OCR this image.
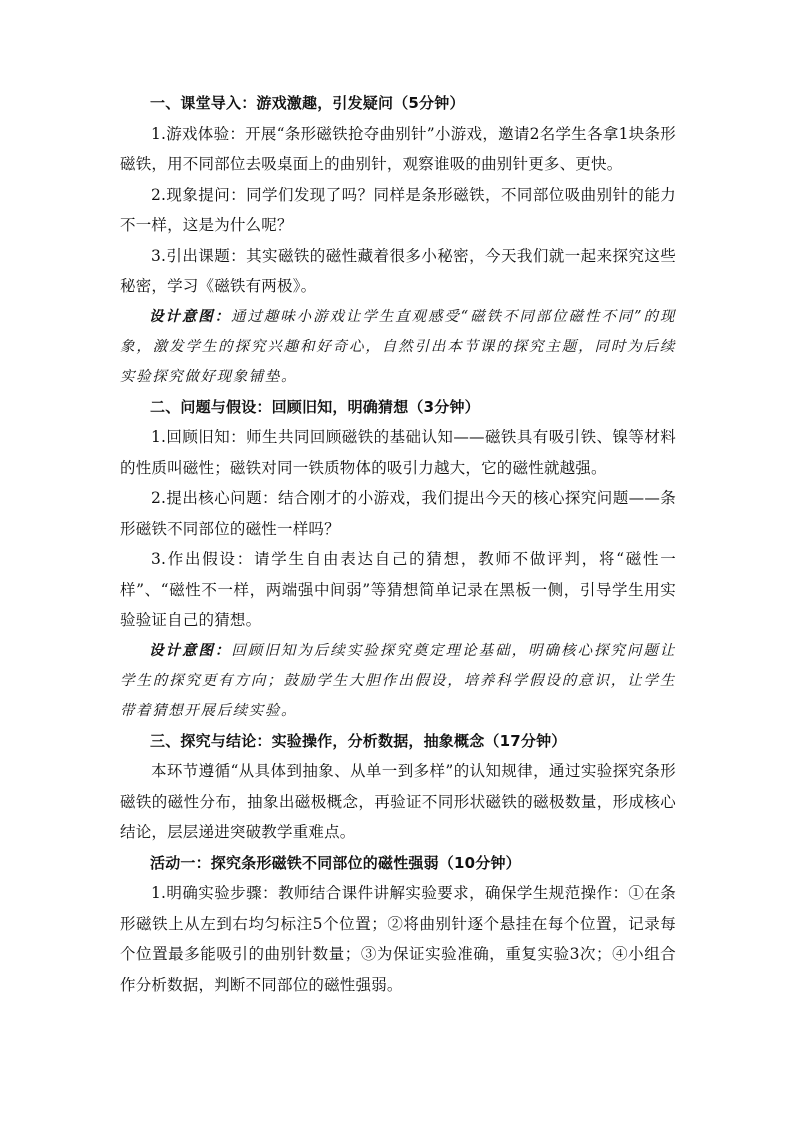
一、课堂导入：游戏激趣，引发疑问（5分钟）

1.游戏体验：开展“条形磁铁抢夺曲别针”小游戏，邀请2名学生各拿1块条形磁铁，用不同部位去吸桌面上的曲别针，观察谁吸的曲别针更多、更快。

2.现象提问：同学们发现了吗？同样是条形磁铁，不同部位吸曲别针的能力不一样，这是为什么呢？

3.引出课题：其实磁铁的磁性藏着很多小秘密，今天我们就一起来探究这些秘密，学习《磁铁有两极》。

设计意图：通过趣味小游戏让学生直观感受“磁铁不同部位磁性不同”的现象，激发学生的探究兴趣和好奇心，自然引出本节课的探究主题，同时为后续实验探究做好现象铺垫。

二、问题与假设：回顾旧知，明确猜想（3分钟）

1.回顾旧知：师生共同回顾磁铁的基础认知——磁铁具有吸引铁、镍等材料的性质叫磁性；磁铁对同一铁质物体的吸引力越大，它的磁性就越强。

2.提出核心问题：结合刚才的小游戏，我们提出今天的核心探究问题——条形磁铁不同部位的磁性一样吗？

3.作出假设：请学生自由表达自己的猜想，教师不做评判，将“磁性一样”、“磁性不一样，两端强中间弱”等猜想简单记录在黑板一侧，引导学生用实验验证自己的猜想。

设计意图：回顾旧知为后续实验探究奠定理论基础，明确核心探究问题让学生的探究更有方向；鼓励学生大胆作出假设，培养科学假设的意识，让学生带着猜想开展后续实验。

三、探究与结论：实验操作，分析数据，抽象概念（17分钟）

本环节遵循“从具体到抽象、从单一到多样”的认知规律，通过实验探究条形磁铁的磁性分布，抽象出磁极概念，再验证不同形状磁铁的磁极数量，形成核心结论，层层递进突破教学重难点。

活动一：探究条形磁铁不同部位的磁性强弱（10分钟）

1.明确实验步骤：教师结合课件讲解实验要求，确保学生规范操作：①在条形磁铁上从左到右均匀标注5个位置；②将曲别针逐个悬挂在每个位置，记录每个位置最多能吸引的曲别针数量；③为保证实验准确，重复实验3次；④小组合作分析数据，判断不同部位的磁性强弱。
